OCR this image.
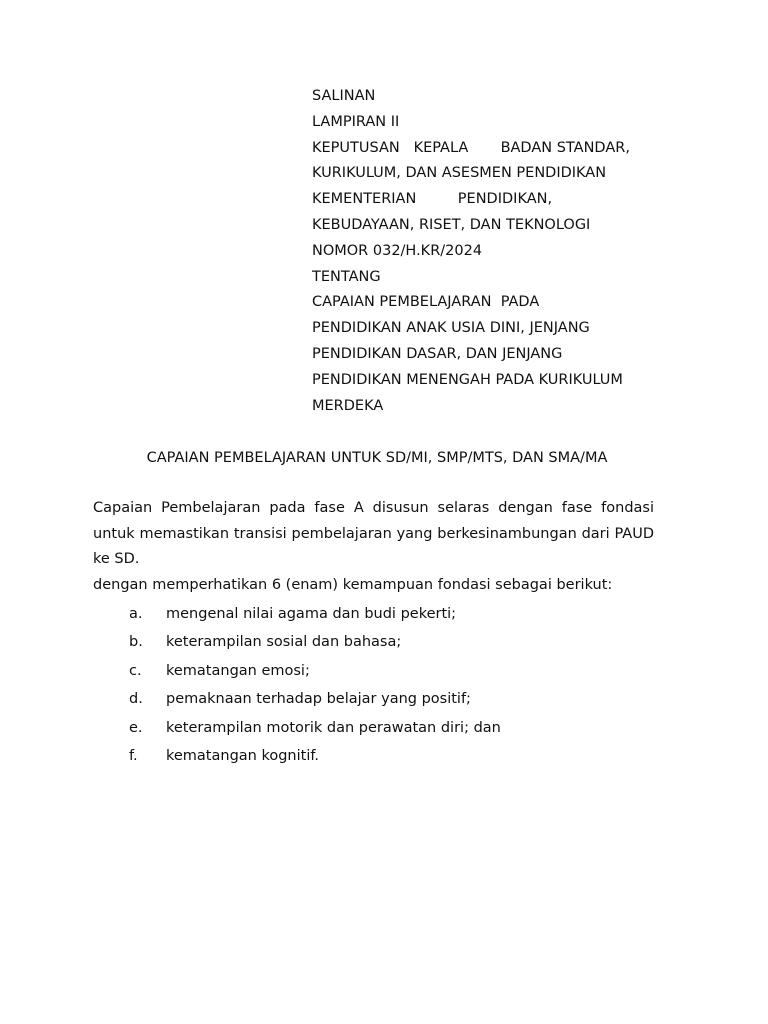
SALINAN
LAMPIRAN II
KEPUTUSAN   KEPALA       BADAN STANDAR,
KURIKULUM, DAN ASESMEN PENDIDIKAN
KEMENTERIAN         PENDIDIKAN,
KEBUDAYAAN, RISET, DAN TEKNOLOGI
NOMOR 032/H.KR/2024
TENTANG
CAPAIAN PEMBELAJARAN  PADA
PENDIDIKAN ANAK USIA DINI, JENJANG
PENDIDIKAN DASAR, DAN JENJANG
PENDIDIKAN MENENGAH PADA KURIKULUM
MERDEKA
CAPAIAN PEMBELAJARAN UNTUK SD/MI, SMP/MTS, DAN SMA/MA

Capaian Pembelajaran pada fase A disusun selaras dengan fase fondasi untuk memastikan transisi pembelajaran yang berkesinambungan dari PAUD ke SD.

dengan memperhatikan 6 (enam) kemampuan fondasi sebagai berikut:

a.	mengenal nilai agama dan budi pekerti;
b.	keterampilan sosial dan bahasa;
c.	kematangan emosi;
d.	pemaknaan terhadap belajar yang positif;
e.	keterampilan motorik dan perawatan diri; dan
f.	kematangan kognitif.
